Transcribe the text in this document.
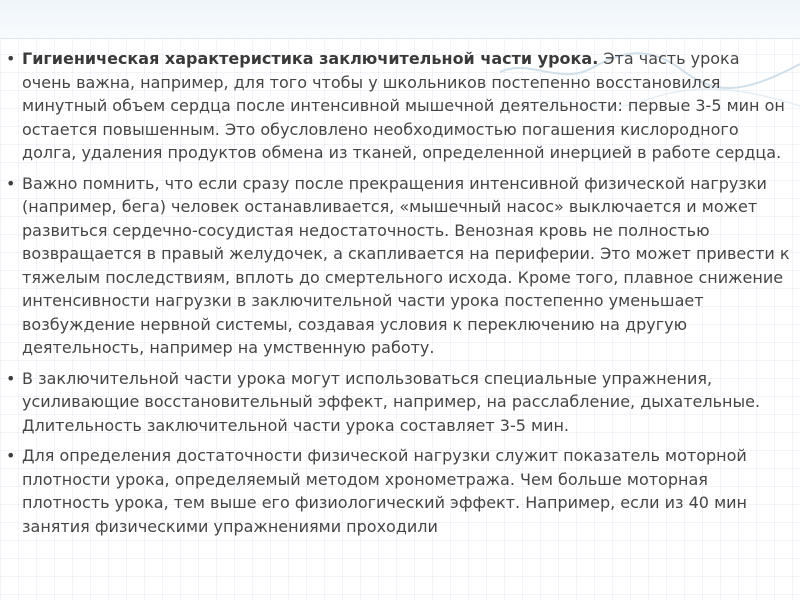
• Гигиеническая характеристика заключительной части урока. Эта часть урока очень важна, например, для того чтобы у школьников постепенно восстановился минутный объем сердца после интенсивной мышечной деятельности: первые 3-5 мин он остается повышенным. Это обусловлено необходимостью погашения кислородного долга, удаления продуктов обмена из тканей, определенной инерцией в работе сердца.
• Важно помнить, что если сразу после прекращения интенсивной физической нагрузки (например, бега) человек останавливается, «мышечный насос» выключается и может развиться сердечно-сосудистая недостаточность. Венозная кровь не полностью возвращается в правый желудочек, а скапливается на периферии. Это может привести к тяжелым последствиям, вплоть до смертельного исхода. Кроме того, плавное снижение интенсивности нагрузки в заключительной части урока постепенно уменьшает возбуждение нервной системы, создавая условия к переключению на другую деятельность, например на умственную работу.
• В заключительной части урока могут использоваться специальные упражнения, усиливающие восстановительный эффект, например, на расслабление, дыхательные. Длительность заключительной части урока составляет 3-5 мин.
• Для определения достаточности физической нагрузки служит показатель моторной плотности урока, определяемый методом хронометража. Чем больше моторная плотность урока, тем выше его физиологический эффект. Например, если из 40 мин занятия физическими упражнениями проходили
